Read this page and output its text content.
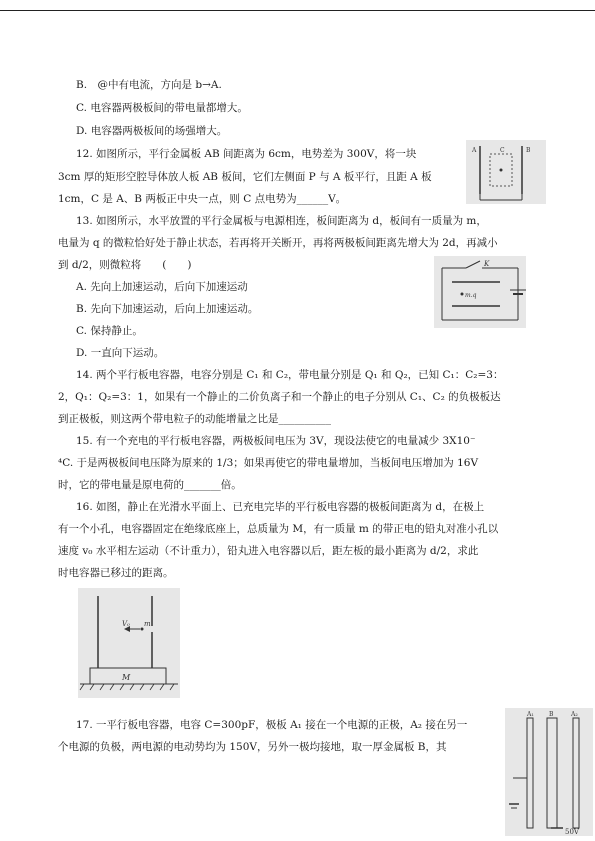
B.　@中有电流，方向是 b→A.
C. 电容器两极板间的带电量都增大。
D. 电容器两极板间的场强增大。
12. 如图所示，平行金属板 AB 间距离为 6cm，电势差为 300V，将一块
3cm 厚的矩形空腔导体放人板 AB 板间，它们左侧面 P 与 A 板平行，且距 A 板
1cm，C 是 A、B 两板正中央一点，则 C 点电势为______V。
A	C	B
13. 如图所示，水平放置的平行金属板与电源相连，板间距离为 d，板间有一质量为 m，
电量为 q 的微粒恰好处于静止状态，若再将开关断开，再将两极板间距离先增大为 2d，再减小
到 d/2，则微粒将　　(　　)
A. 先向上加速运动，后向下加速运动
B. 先向下加速运动，后向上加速运动。
C. 保持静止。
D. 一直向下运动。
K
m.q
14. 两个平行板电容器，电容分别是 C₁ 和 C₂，带电量分别是 Q₁ 和 Q₂，已知 C₁：C₂=3：
2，Q₁：Q₂=3：1，如果有一个静止的二价负离子和一个静止的电子分别从 C₁、C₂ 的负极板达
到正极板，则这两个带电粒子的动能增量之比是__________
15. 有一个充电的平行板电容器，两极板间电压为 3V，现设法使它的电量减少 3X10⁻
⁴C. 于是两极板间电压降为原来的 1/3；如果再使它的带电量增加，当板间电压增加为 16V
时，它的带电量是原电荷的_______倍。
16. 如图，静止在光滑水平面上、已充电完毕的平行板电容器的极板间距离为 d，在极上
有一个小孔，电容器固定在绝缘底座上，总质量为 M，有一质量 m 的带正电的铅丸对准小孔以
速度 v₀ 水平相左运动（不计重力），铅丸进入电容器以后，距左板的最小距离为 d/2，求此
时电容器已移过的距离。
V₀ m
M
17. 一平行板电容器，电容 C=300pF，极板 A₁ 接在一个电源的正极，A₂ 接在另一
个电源的负极，两电源的电动势均为 150V，另外一极均接地，取一厚金属板 B，其
A₁	B	A₂
50V
